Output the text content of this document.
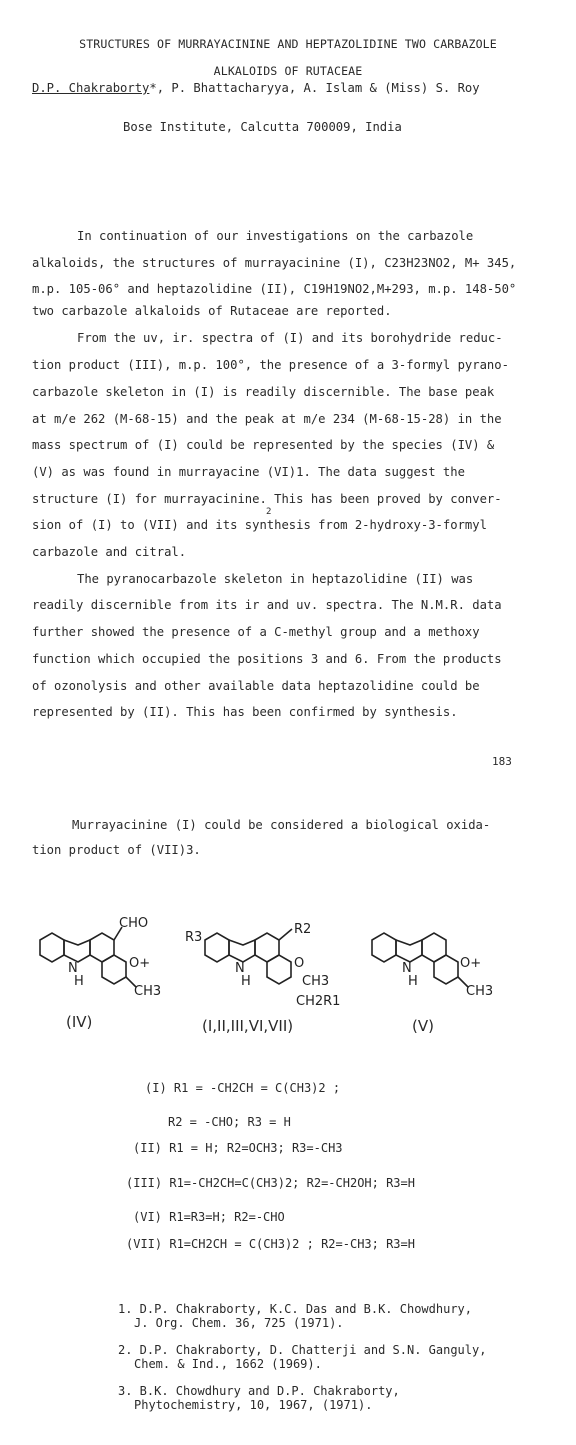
STRUCTURES OF MURRAYACININE AND HEPTAZOLIDINE TWO CARBAZOLE
ALKALOIDS OF RUTACEAE
D.P. Chakraborty*, P. Bhattacharyya, A. Islam & (Miss) S. Roy
Bose Institute, Calcutta 700009, India
In continuation of our investigations on the carbazole
alkaloids, the structures of murrayacinine (I), C23H23NO2, M+ 345,
m.p. 105-06° and heptazolidine (II), C19H19NO2,M+293, m.p. 148-50°
two carbazole alkaloids of Rutaceae are reported.
From the uv, ir. spectra of (I) and its borohydride reduc-
tion product (III), m.p. 100°, the presence of a 3-formyl pyrano-
carbazole skeleton in (I) is readily discernible. The base peak
at m/e 262 (M-68-15) and the peak at m/e 234 (M-68-15-28) in the
mass spectrum of (I) could be represented by the species (IV) &
(V) as was found in murrayacine (VI)1. The data suggest the
structure (I) for murrayacinine. This has been proved by conver-
2
sion of (I) to (VII) and its synthesis from 2-hydroxy-3-formyl
carbazole and citral.
The pyranocarbazole skeleton in heptazolidine (II) was
readily discernible from its ir and uv. spectra. The N.M.R. data
further showed the presence of a C-methyl group and a methoxy
function which occupied the positions 3 and 6. From the products
of ozonolysis and other available data heptazolidine could be
represented by (II). This has been confirmed by synthesis.
183
Murrayacinine (I) could be considered a biological oxida-
tion product of (VII)3.
CHO
N
H
O+
CH3
R3
R2
N
H
O
CH3
CH2R1
N
H
O+
CH3
(IV)	(I,II,III,VI,VII)	(V)
(I) R1 = -CH2CH = C(CH3)2 ;
R2 = -CHO; R3 = H
(II) R1 = H; R2=OCH3; R3=-CH3
(III) R1=-CH2CH=C(CH3)2; R2=-CH2OH; R3=H
(VI) R1=R3=H; R2=-CHO
(VII) R1=CH2CH = C(CH3)2 ; R2=-CH3; R3=H
1. D.P. Chakraborty, K.C. Das and B.K. Chowdhury,
J. Org. Chem. 36, 725 (1971).
2. D.P. Chakraborty, D. Chatterji and S.N. Ganguly,
Chem. & Ind., 1662 (1969).
3. B.K. Chowdhury and D.P. Chakraborty,
Phytochemistry, 10, 1967, (1971).
